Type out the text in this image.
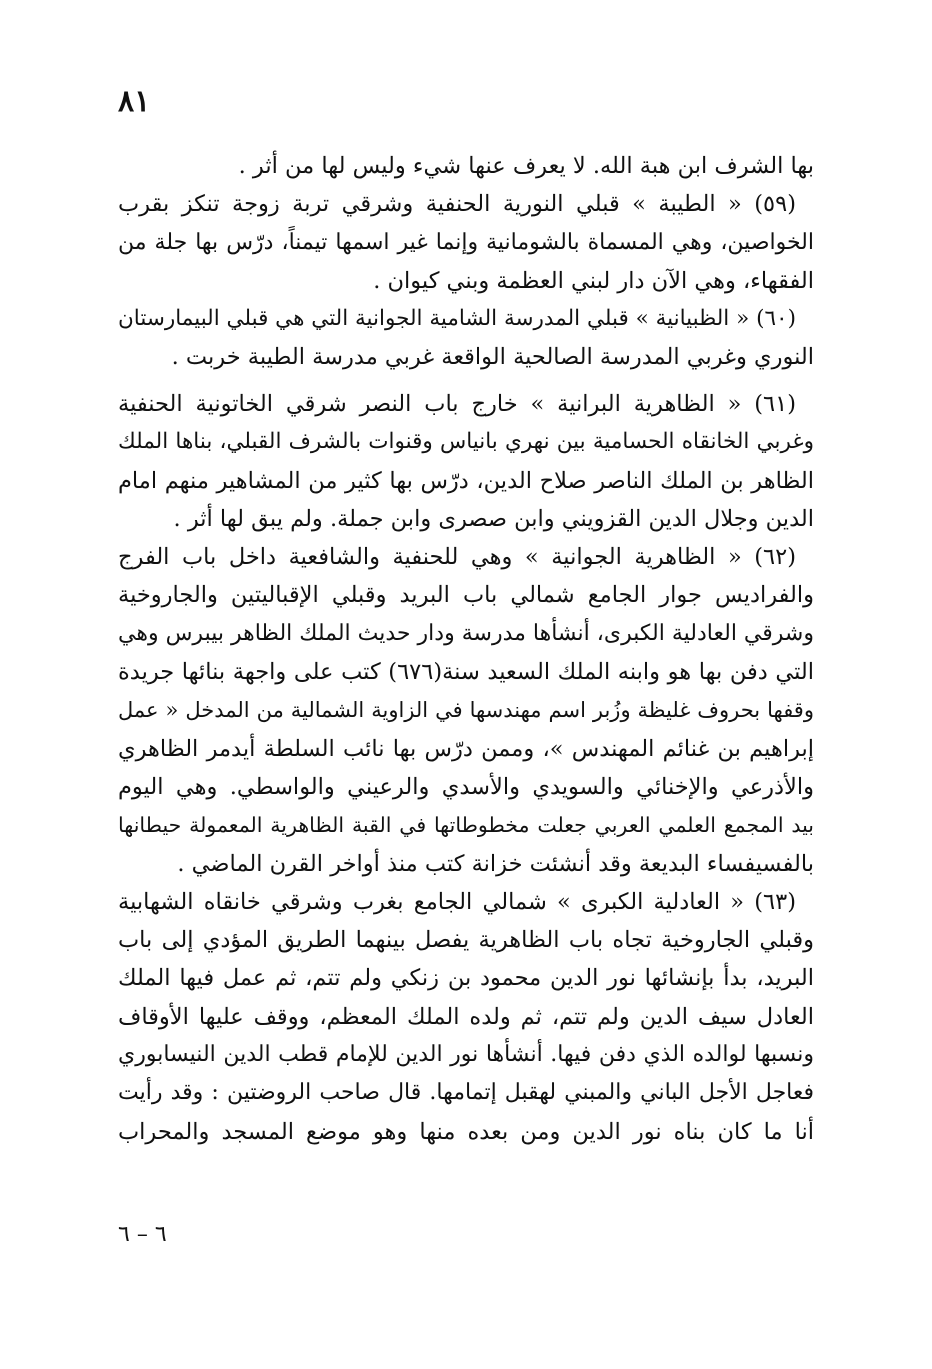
٨١
بها الشرف ابن هبة الله. لا يعرف عنها شيء وليس لها من أثر .
(٥٩) « الطيبة » قبلي النورية الحنفية وشرقي تربة زوجة تنكز بقرب
الخواصين، وهي المسماة بالشومانية وإنما غير اسمها تيمناً، درّس بها جلة من
الفقهاء، وهي الآن دار لبني العظمة وبني كيوان .
(٦٠) « الظبيانية » قبلي المدرسة الشامية الجوانية التي هي قبلي البيمارستان
النوري وغربي المدرسة الصالحية الواقعة غربي مدرسة الطيبة خربت .
(٦١) « الظاهرية البرانية » خارج باب النصر شرقي الخاتونية الحنفية
وغربي الخانقاه الحسامية بين نهري بانياس وقنوات بالشرف القبلي، بناها الملك
الظاهر بن الملك الناصر صلاح الدين، درّس بها كثير من المشاهير منهم امام
الدين وجلال الدين القزويني وابن صصرى وابن جملة. ولم يبق لها أثر .
(٦٢) « الظاهرية الجوانية » وهي للحنفية والشافعية داخل باب الفرج
والفراديس جوار الجامع شمالي باب البريد وقبلي الإقباليتين والجاروخية
وشرقي العادلية الكبرى، أنشأها مدرسة ودار حديث الملك الظاهر بيبرس وهي
التي دفن بها هو وابنه الملك السعيد سنة(٦٧٦) كتب على واجهة بنائها جريدة
وقفها بحروف غليظة وزُبر اسم مهندسها في الزاوية الشمالية من المدخل « عمل
إبراهيم بن غنائم المهندس »، وممن درّس بها نائب السلطة أيدمر الظاهري
والأذرعي والإخنائي والسويدي والأسدي والرعيني والواسطي. وهي اليوم
بيد المجمع العلمي العربي جعلت مخطوطاتها في القبة الظاهرية المعمولة حيطانها
بالفسيفساء البديعة وقد أنشئت خزانة كتب منذ أواخر القرن الماضي .
(٦٣) « العادلية الكبرى » شمالي الجامع بغرب وشرقي خانقاه الشهابية
وقبلي الجاروخية تجاه باب الظاهرية يفصل بينهما الطريق المؤدي إلى باب
البريد، بدأ بإنشائها نور الدين محمود بن زنكي ولم تتم، ثم عمل فيها الملك
العادل سيف الدين ولم تتم، ثم ولده الملك المعظم، ووقف عليها الأوقاف
ونسبها لوالده الذي دفن فيها. أنشأها نور الدين للإمام قطب الدين النيسابوري
فعاجل الأجل الباني والمبني لهقبل إتمامها. قال صاحب الروضتين : وقد رأيت
أنا ما كان بناه نور الدين ومن بعده منها وهو موضع المسجد والمحراب
٦ – ٦
